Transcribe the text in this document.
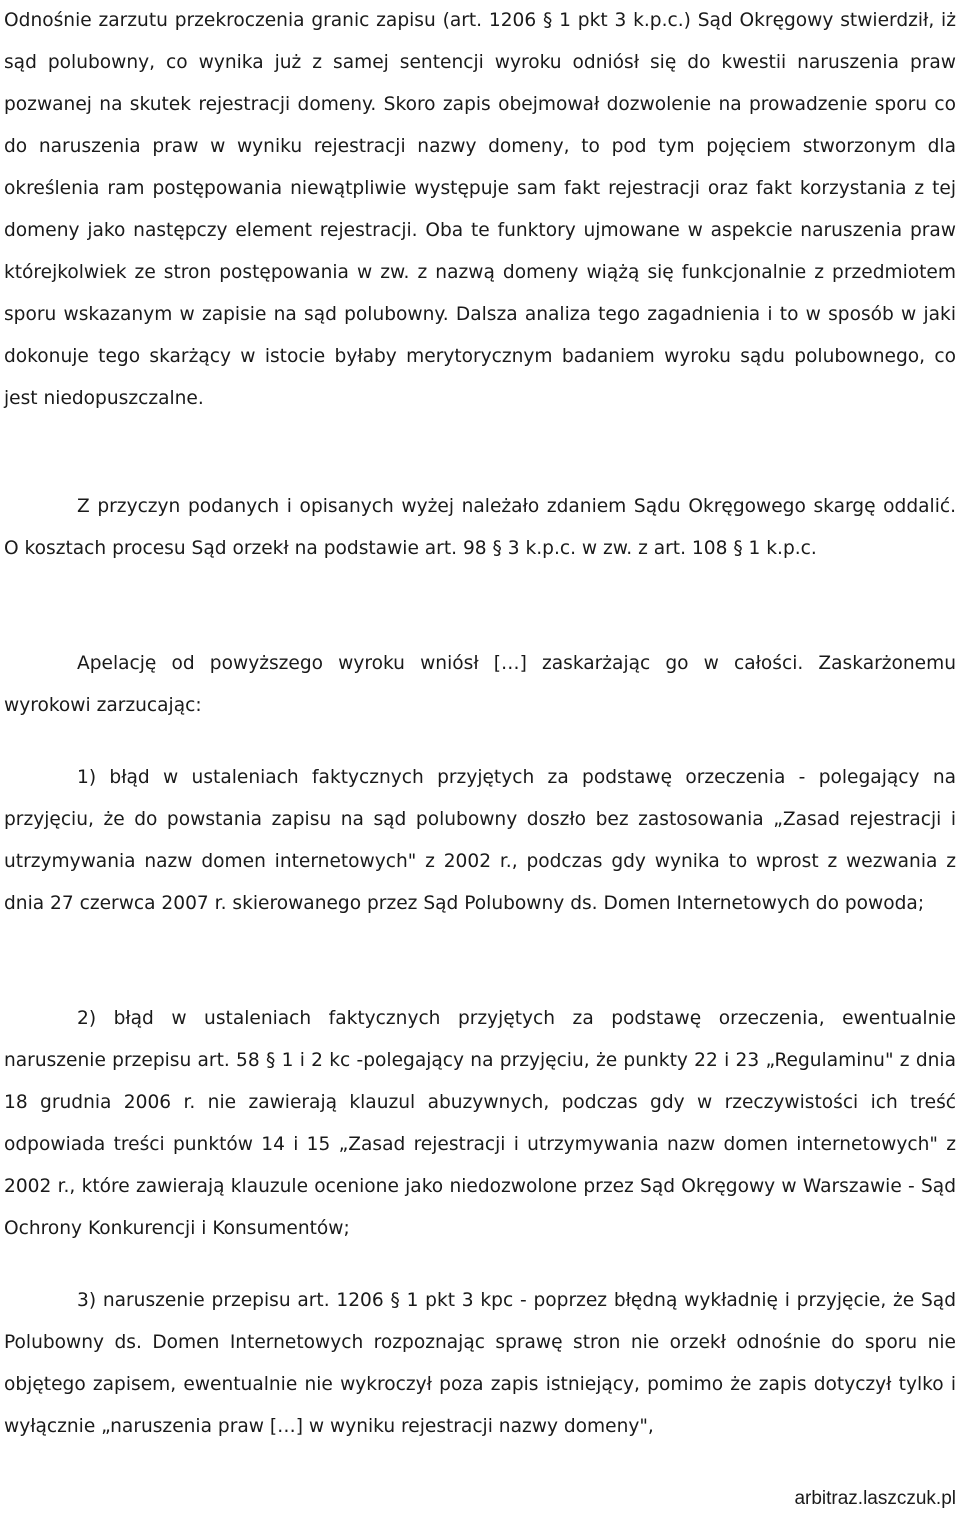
Odnośnie zarzutu przekroczenia granic zapisu (art. 1206 § 1 pkt 3 k.p.c.) Sąd Okręgowy stwierdził, iż sąd polubowny, co wynika już z samej sentencji wyroku odniósł się do kwestii naruszenia praw pozwanej na skutek rejestracji domeny. Skoro zapis obejmował dozwolenie na prowadzenie sporu co do naruszenia praw w wyniku rejestracji nazwy domeny, to pod tym pojęciem stworzonym dla określenia ram postępowania niewątpliwie występuje sam fakt rejestracji oraz fakt korzystania z tej domeny jako następczy element rejestracji. Oba te funktory ujmowane w aspekcie naruszenia praw którejkolwiek ze stron postępowania w zw. z nazwą domeny wiążą się funkcjonalnie z przedmiotem sporu wskazanym w zapisie na sąd polubowny. Dalsza analiza tego zagadnienia i to w sposób w jaki dokonuje tego skarżący w istocie byłaby merytorycznym badaniem wyroku sądu polubownego, co jest niedopuszczalne.

Z przyczyn podanych i opisanych wyżej należało zdaniem Sądu Okręgowego skargę oddalić. O kosztach procesu Sąd orzekł na podstawie art. 98 § 3 k.p.c. w zw. z art. 108 § 1 k.p.c.

Apelację od powyższego wyroku wniósł […] zaskarżając go w całości. Zaskarżonemu wyrokowi zarzucając:

1) błąd w ustaleniach faktycznych przyjętych za podstawę orzeczenia - polegający na przyjęciu, że do powstania zapisu na sąd polubowny doszło bez zastosowania „Zasad rejestracji i utrzymywania nazw domen internetowych" z 2002 r., podczas gdy wynika to wprost z wezwania z dnia 27 czerwca 2007 r. skierowanego przez Sąd Polubowny ds. Domen Internetowych do powoda;

2) błąd w ustaleniach faktycznych przyjętych za podstawę orzeczenia, ewentualnie naruszenie przepisu art. 58 § 1 i 2 kc -polegający na przyjęciu, że punkty 22 i 23 „Regulaminu" z dnia 18 grudnia 2006 r. nie zawierają klauzul abuzywnych, podczas gdy w rzeczywistości ich treść odpowiada treści punktów 14 i 15 „Zasad rejestracji i utrzymywania nazw domen internetowych" z 2002 r., które zawierają klauzule ocenione jako niedozwolone przez Sąd Okręgowy w Warszawie - Sąd Ochrony Konkurencji i Konsumentów;

3) naruszenie przepisu art. 1206 § 1 pkt 3 kpc - poprzez błędną wykładnię i przyjęcie, że Sąd Polubowny ds. Domen Internetowych rozpoznając sprawę stron nie orzekł odnośnie do sporu nie objętego zapisem, ewentualnie nie wykroczył poza zapis istniejący, pomimo że zapis dotyczył tylko i wyłącznie „naruszenia praw […] w wyniku rejestracji nazwy domeny",

arbitraz.laszczuk.pl
